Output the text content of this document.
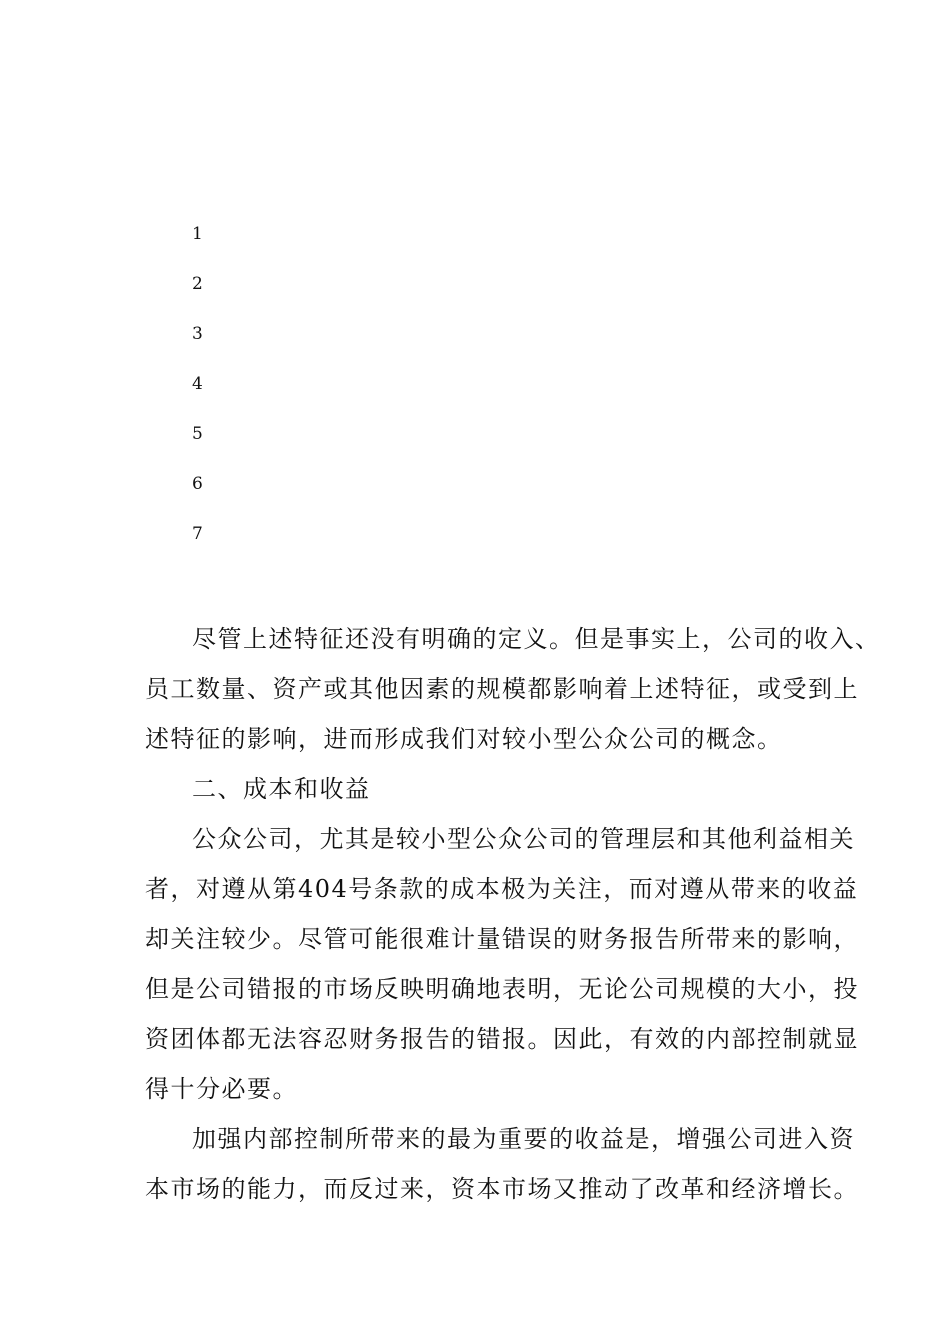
1
2
3
4
5
6
7
尽管上述特征还没有明确的定义。但是事实上，公司的收入、
员工数量、资产或其他因素的规模都影响着上述特征，或受到上
述特征的影响，进而形成我们对较小型公众公司的概念。
二、成本和收益
公众公司，尤其是较小型公众公司的管理层和其他利益相关
者，对遵从第404号条款的成本极为关注，而对遵从带来的收益
却关注较少。尽管可能很难计量错误的财务报告所带来的影响，
但是公司错报的市场反映明确地表明，无论公司规模的大小，投
资团体都无法容忍财务报告的错报。因此，有效的内部控制就显
得十分必要。
加强内部控制所带来的最为重要的收益是，增强公司进入资
本市场的能力，而反过来，资本市场又推动了改革和经济增长。
